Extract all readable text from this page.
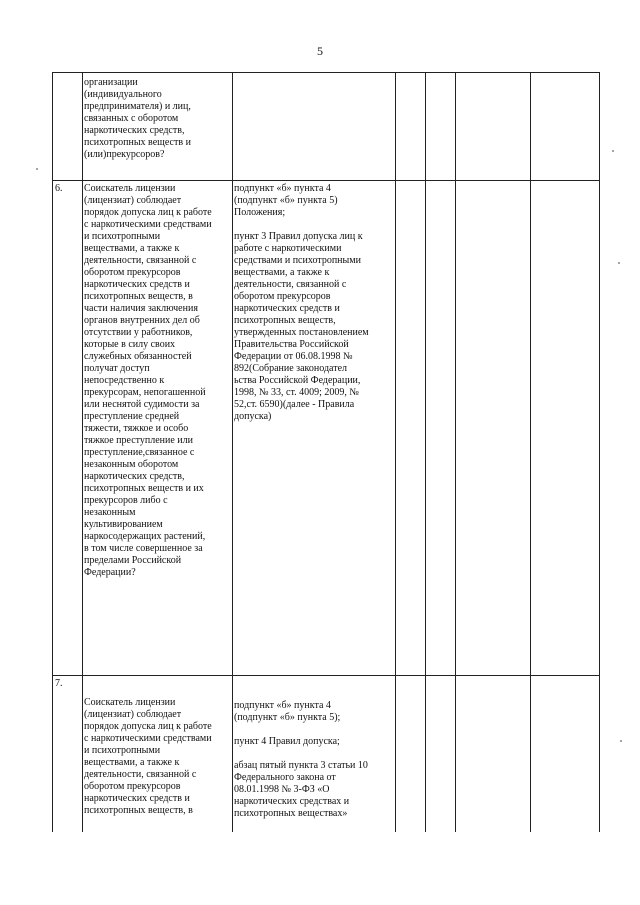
5
организации
(индивидуального
предпринимателя) и лиц,
связанных с оборотом
наркотических средств,
психотропных веществ и
(или)прекурсоров?
6. Соискатель лицензии
(лицензиат) соблюдает
порядок допуска лиц к работе
с наркотическими средствами
и психотропными
веществами, а также к
деятельности, связанной с
оборотом прекурсоров
наркотических средств и
психотропных веществ, в
части наличия заключения
органов внутренних дел об
отсутствии у работников,
которые в силу своих
служебных обязанностей
получат доступ
непосредственно к
прекурсорам, непогашенной
или неснятой судимости за
преступление средней
тяжести, тяжкое и особо
тяжкое преступление или
преступление,связанное с
незаконным оборотом
наркотических средств,
психотропных веществ и их
прекурсоров либо с
незаконным
культивированием
наркосодержащих растений,
в том числе совершенное за
пределами Российской
Федерации?
подпункт «б» пункта 4
(подпункт «б» пункта 5)
Положения;

пункт 3 Правил допуска лиц к
работе с наркотическими
средствами и психотропными
веществами, а также к
деятельности, связанной с
оборотом прекурсоров
наркотических средств и
психотропных веществ,
утвержденных постановлением
Правительства Российской
Федерации от 06.08.1998 №
892(Собрание законодател
ьства Российской Федерации,
1998, № 33, ст. 4009; 2009, №
52,ст. 6590)(далее - Правила
допуска)
7.
Соискатель лицензии
(лицензиат) соблюдает
порядок допуска лиц к работе
с наркотическими средствами
и психотропными
веществами, а также к
деятельности, связанной с
оборотом прекурсоров
наркотических средств и
психотропных веществ, в
подпункт «б» пункта 4
(подпункт «б» пункта 5);

пункт 4 Правил допуска;

абзац пятый пункта 3 статьи 10
Федерального закона от
08.01.1998 № 3-ФЗ «О
наркотических средствах и
психотропных веществах»
